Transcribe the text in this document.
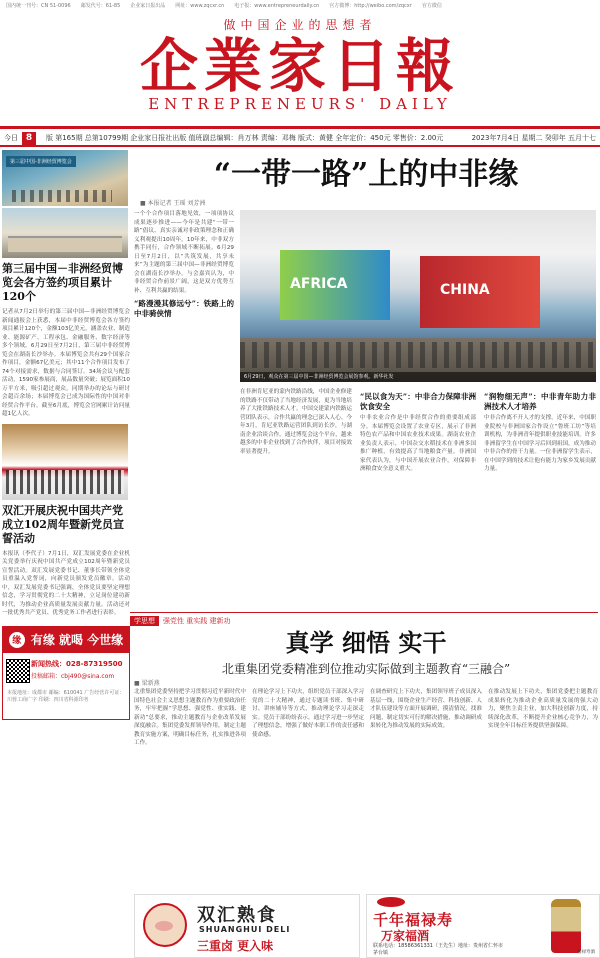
国内统一刊号：CN 51-0096 邮发代号：61-85 企业家日报出品 网址：www.zqcxr.cn 电子报：www.entrepreneurdaily.cn 官方微博：http://weibo.com/zqcxr 官方微信
做中国企业的思想者
企業家日報
ENTREPRENEURS' DAILY
今日 8	版 第165期 总第10799期 企业家日报社出版 值班副总编辑：肖万林 责编：邓梅 版式：黄健 全年定价：450元 零售价：2.00元	2023年7月4日 星期二 癸卯年 五月十七
第三届中国-非洲经贸博览会
第三届中国－非洲经贸博览会各方签约项目累计120个
记者从7月2日举行的第三届中国—非洲经贸博览会新闻通报会上获悉，本届中非经贸博览会各方签约项目累计120个，金额103亿美元，涵盖农业、制造业、能源矿产、工程承包、金融服务、数字经济等多个领域。6月29日至7月2日，第三届中非经贸博览会在湖南长沙举办。本届博览会共有29个国家合作项目，金额67亿美元；其中11个合作项目发布了74个对接需求，数据与合同签订。34场会议与配套活动，1590家参展商，展品数量突破；展览面积10万平方米，吸引超过观众，同期举办的论坛与研讨会超百余场；本届博览会已成为国际性的中国对非经贸合作平台。截至6月底，博览会官网累计访问量超1亿人次。
双汇开展庆祝中国共产党成立102周年暨新党员宣誓活动
本报讯（李代子）7月1日，双汇发展党委在企业机关党委举行庆祝中国共产党成立102周年暨新党员宣誓活动。双汇发展党委书记、董事长带领全体党员重温入党誓词，向新党员颁发党员徽章。活动中，双汇发展党委书记强调，全体党员要坚定理想信念，学习贯彻党的二十大精神，立足岗位建功新时代，为推动企业高质量发展贡献力量。活动还对一批优秀共产党员、优秀党务工作者进行表彰。
缘 有缘 就喝 今世缘
新闻热线：028-87319500
投稿邮箱：cbj490@sina.com
本报地址：成都市 邮编：610041 广告经营许可证：川蓉工商广字 印刷：四川省科源印务
“一带一路”上的中非缘
■ 本报记者 王瑶 刘芳洲
一个个合作项目落地见效，一项项协议成果逐步推进——今年是共建“一带一路”倡议、真实亲诚对非政策理念和正确义利观提出10周年。10年来，中非双方携手同行，合作领域不断拓展。6月29日至7月2日，以“共筑发展，共享未来”为主题的第三届中国—非洲经贸博览会在湖南长沙举办。与会嘉宾认为，中非经贸合作前景广阔，这是双方优势互补、互利共赢的结果。
“路漫漫其修远兮”：铁路上的中非骑侠情
AFRICA	CHINA
6月29日，观众在第三届中国—非洲经贸博览会展馆参观。新华社发
在非洲肯尼亚的蒙内铁路沿线，中国企业修建的铁路不仅带动了当地经济发展，更为当地培养了大批铁路技术人才。中国交建蒙内铁路运营团队表示，合作共赢的理念已深入人心。今年3月，肯尼亚铁路运营团队到访长沙，与湖南企业洽谈合作。通过博览会这个平台，越来越多的中非企业找到了合作伙伴，项目对接效率显著提升。
“民以食为天”：中非合力保障非洲饮食安全
中非农业合作是中非经贸合作的重要组成部分。本届博览会设置了农业专区，展示了非洲特色农产品和中国农业技术成果。湖南农业企业负责人表示，中国杂交水稻技术在非洲多国推广种植，有效提高了当地粮食产量。非洲国家代表认为，与中国开展农业合作，对保障非洲粮食安全意义重大。
“润物细无声”：中非青年助力非洲技术人才培养
中非合作离不开人才的支撑。近年来，中国职业院校与非洲国家合作设立“鲁班工坊”等培训机构，为非洲青年提供职业技能培训。许多非洲留学生在中国学习后回到祖国，成为推动中非合作的骨干力量。一位非洲留学生表示，在中国学到的技术让他有能力为家乡发展贡献力量。
学思想 强党性 重实践 建新功
真学 细悟 实干
北重集团党委精准到位推动实际做到主题教育“三融合”
■ 梁新燕
北重集团党委坚持把学习贯彻习近平新时代中国特色社会主义思想主题教育作为重要政治任务，牢牢把握“学思想、强党性、重实践、建新功”总要求，推动主题教育与企业改革发展深度融合。集团党委发挥领导作用，制定主题教育实施方案，明确目标任务，扎实推进各项工作。
在理论学习上下功夫，组织党员干部深入学习党的二十大精神，通过专题读书班、集中研讨、讲座辅导等方式，推动理论学习走深走实。党员干部纷纷表示，通过学习进一步坚定了理想信念，增强了做好本职工作的责任感和使命感。
在调查研究上下功夫，集团领导班子成员深入基层一线，围绕企业生产经营、科技创新、人才队伍建设等方面开展调研，摸清情况，找准问题，制定切实可行的解决措施，推动调研成果转化为推动发展的实际成效。
在推动发展上下功夫，集团党委把主题教育成果转化为推动企业高质量发展的强大动力，聚焦主责主业，加大科技创新力度，持续深化改革，不断提升企业核心竞争力，为实现全年目标任务提供坚强保障。
双汇熟食
SHUANGHUI DELI
三重卤 更入味
千年福禄寿
万家福酒
联系电话：18586361331（王先生）地址：贵州省仁怀市茅台镇	福禄寿酒
